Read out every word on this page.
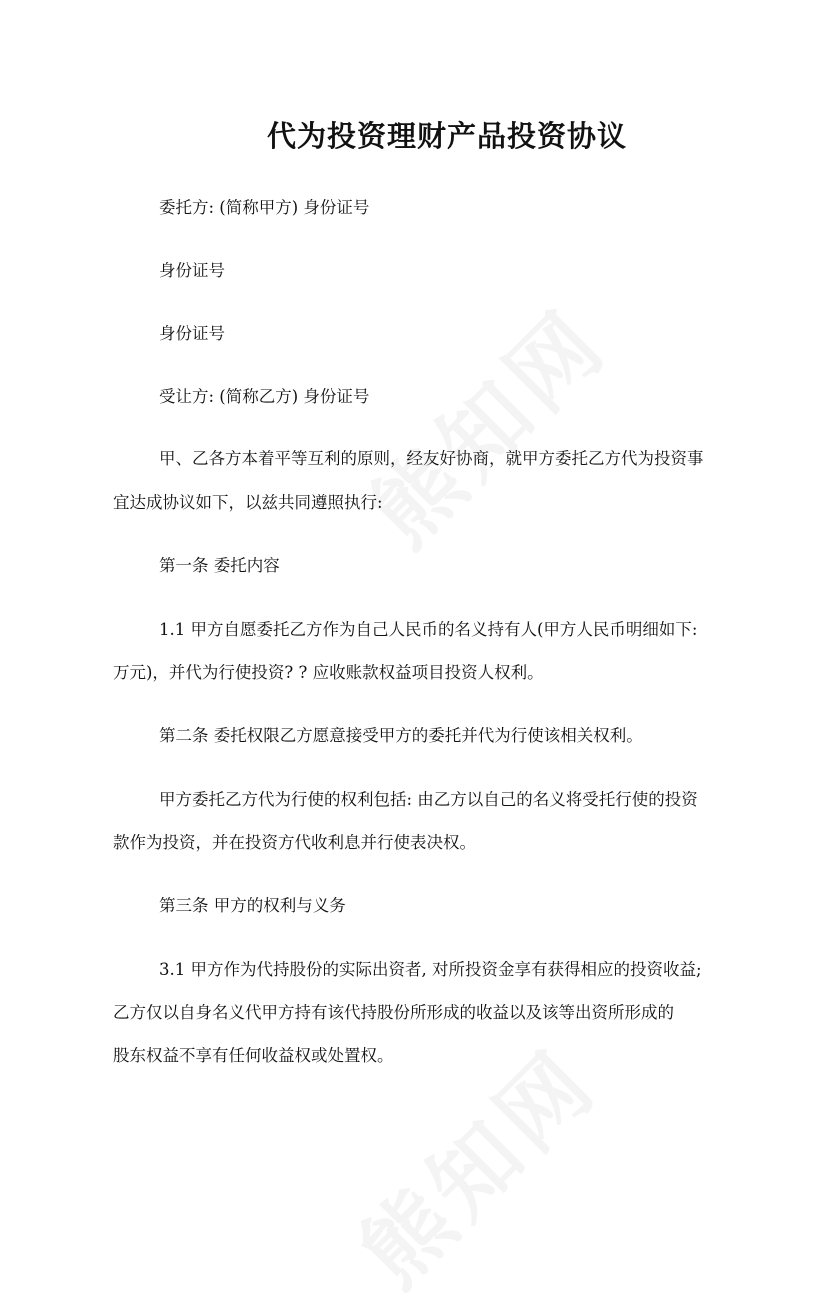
代为投资理财产品投资协议
委托方: (简称甲方) 身份证号
身份证号
身份证号
受让方: (简称乙方) 身份证号
甲、乙各方本着平等互利的原则，经友好协商，就甲方委托乙方代为投资事
宜达成协议如下，以兹共同遵照执行:
第一条 委托内容
1.1 甲方自愿委托乙方作为自己人民币的名义持有人(甲方人民币明细如下:
万元)，并代为行使投资? ? 应收账款权益项目投资人权利。
第二条 委托权限乙方愿意接受甲方的委托并代为行使该相关权利。
甲方委托乙方代为行使的权利包括: 由乙方以自己的名义将受托行使的投资
款作为投资，并在投资方代收利息并行使表决权。
第三条 甲方的权利与义务
3.1 甲方作为代持股份的实际出资者, 对所投资金享有获得相应的投资收益;
乙方仅以自身名义代甲方持有该代持股份所形成的收益以及该等出资所形成的
股东权益不享有任何收益权或处置权。
